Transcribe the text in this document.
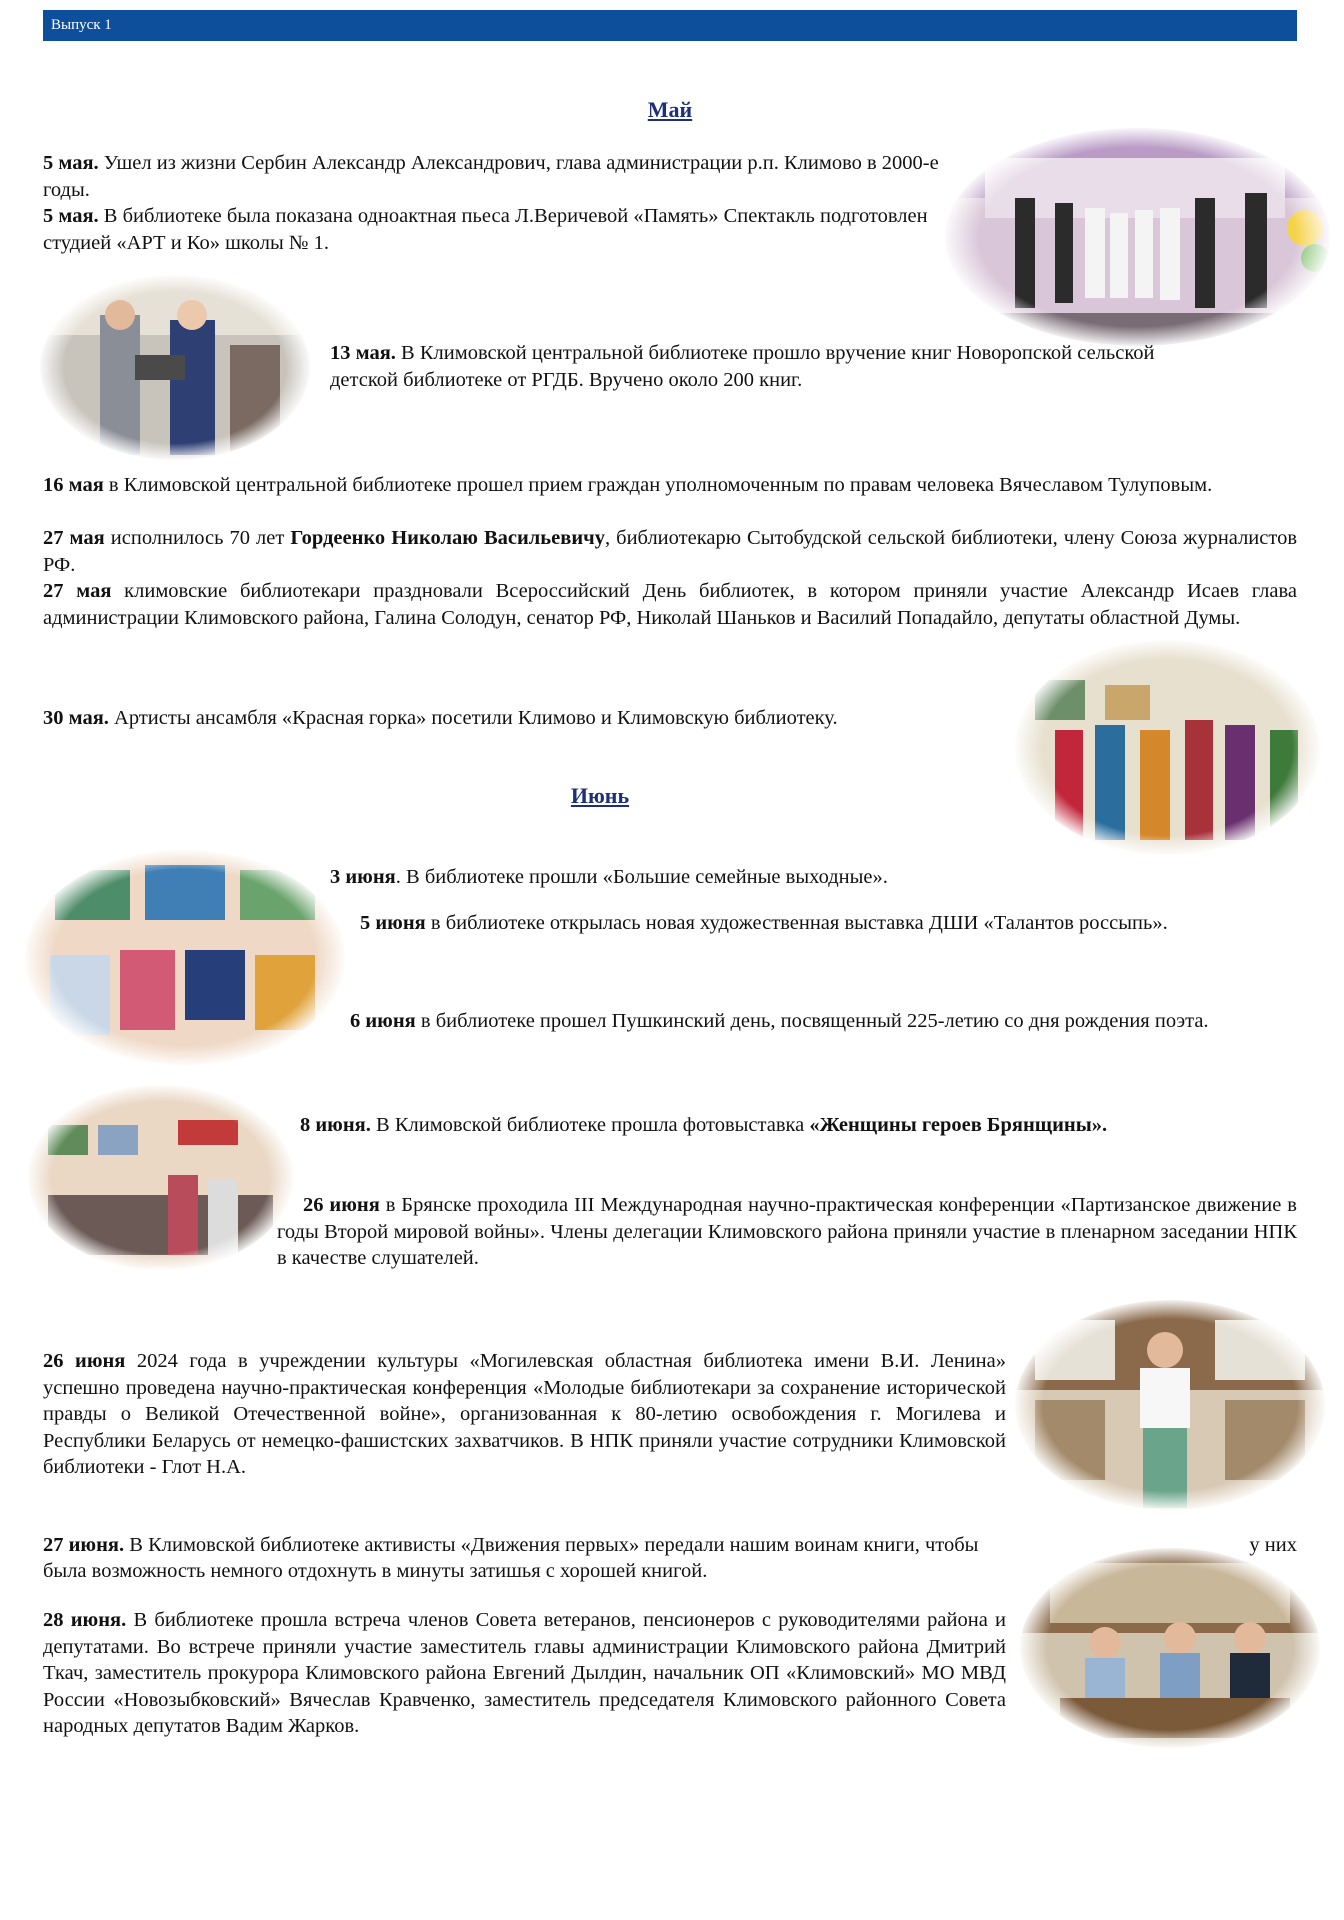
Выпуск 1
Май

5 мая. Ушел из жизни Сербин Александр Александрович, глава администрации р.п. Климово в 2000-е годы.

5 мая. В библиотеке была показана одноактная пьеса Л.Веричевой «Память» Спектакль подготовлен студией «АРТ и Ко» школы № 1.

13 мая. В Климовской центральной библиотеке прошло вручение книг Новоропской сельской детской библиотеке от РГДБ. Вручено около 200 книг.

16 мая в Климовской центральной библиотеке прошел прием граждан уполномоченным по правам человека Вячеславом Тулуповым.

27 мая исполнилось 70 лет Гордеенко Николаю Васильевичу, библиотекарю Сытобудской сельской библиотеки, члену Союза журналистов РФ.

27 мая климовские библиотекари праздновали Всероссийский День библиотек, в котором приняли участие Александр Исаев глава администрации Климовского района, Галина Солодун, сенатор РФ, Николай Шаньков и Василий Попадайло, депутаты областной Думы.

30 мая. Артисты ансамбля «Красная горка» посетили Климово и Климовскую библиотеку.

Июнь

3 июня. В библиотеке прошли «Большие семейные выходные».

5 июня в библиотеке открылась новая художественная выставка ДШИ «Талантов россыпь».

6 июня в библиотеке прошел Пушкинский день, посвященный 225-летию со дня рождения поэта.

8 июня. В Климовской библиотеке прошла фотовыставка «Женщины героев Брянщины».

26 июня в Брянске проходила III Международная научно-практическая конференции «Партизанское движение в годы Второй мировой войны». Члены делегации Климовского района приняли участие в пленарном заседании НПК в качестве слушателей.

26 июня 2024 года в учреждении культуры «Могилевская областная библиотека имени В.И. Ленина» успешно проведена научно-практическая конференция «Молодые библиотекари за сохранение исторической правды о Великой Отечественной войне», организованная к 80-летию освобождения г. Могилева и Республики Беларусь от немецко-фашистских захватчиков. В НПК приняли участие сотрудники Климовской библиотеки - Глот Н.А.

27 июня. В Климовской библиотеке активисты «Движения первых» передали нашим воинам книги, чтобы	у них

была возможность немного отдохнуть в минуты затишья с хорошей книгой.

28 июня. В библиотеке прошла встреча членов Совета ветеранов, пенсионеров с руководителями района и депутатами. Во встрече приняли участие заместитель главы администрации Климовского района Дмитрий Ткач, заместитель прокурора Климовского района Евгений Дылдин, начальник ОП «Климовский» МО МВД России «Новозыбковский» Вячеслав Кравченко, заместитель председателя Климовского районного Совета народных депутатов Вадим Жарков.
